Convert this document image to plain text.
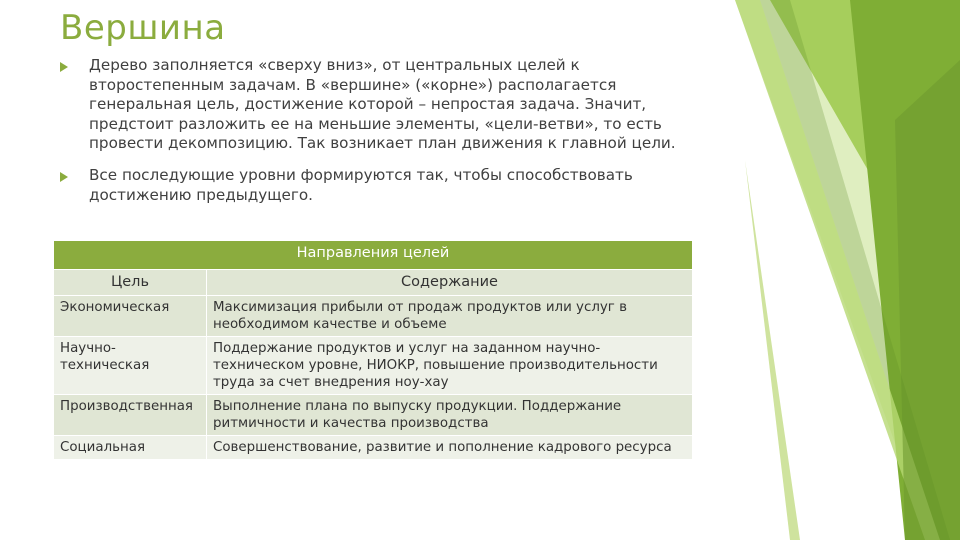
Вершина
Дерево заполняется «сверху вниз», от центральных целей к второстепенным задачам. В «вершине» («корне») располагается генеральная цель, достижение которой – непростая задача. Значит, предстоит разложить ее на меньшие элементы, «цели-ветви», то есть провести декомпозицию. Так возникает план движения к главной цели.
Все последующие уровни формируются так, чтобы способствовать достижению предыдущего.
Направления целей	
Цель	Содержание
Экономическая	Максимизация прибыли от продаж продуктов или услуг в необходимом качестве и объеме
Научно-техническая	Поддержание продуктов и услуг на заданном научно-техническом уровне, НИОКР, повышение производительности труда за счет внедрения ноу-хау
Производственная	Выполнение плана по выпуску продукции. Поддержание ритмичности и качества производства
Социальная	Совершенствование, развитие и пополнение кадрового ресурса
